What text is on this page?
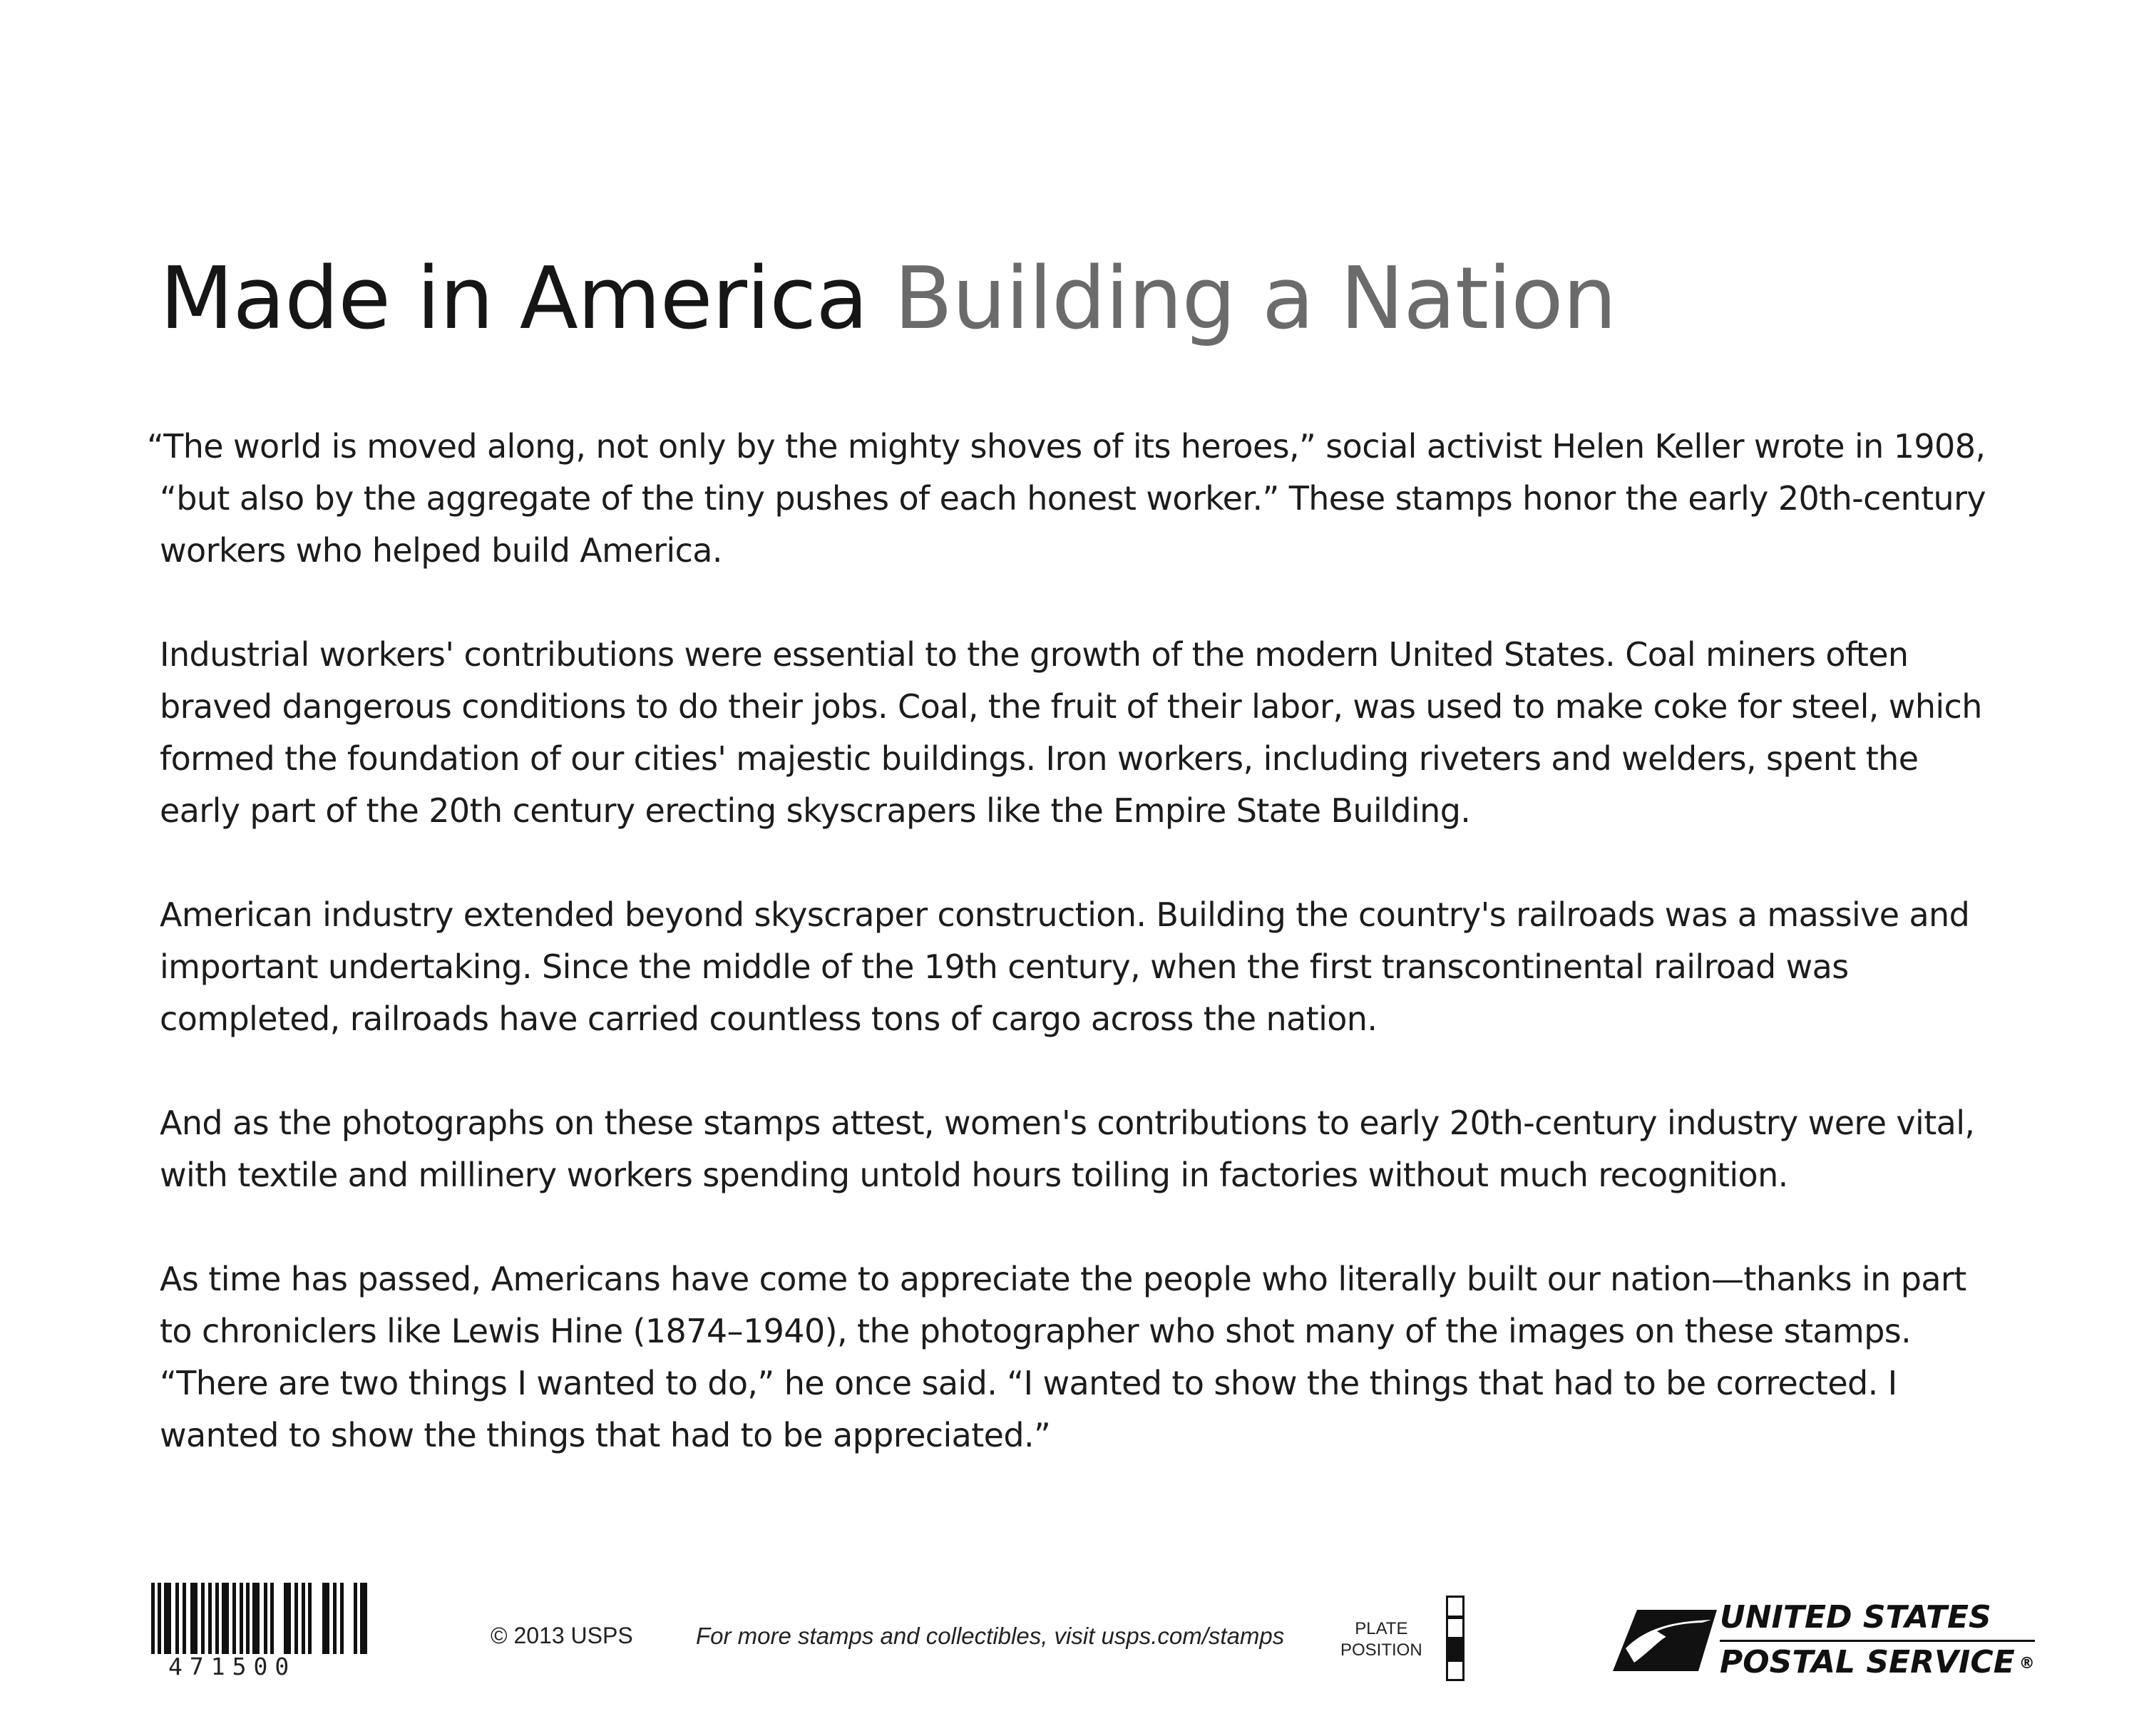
Made in America Building a Nation

“The world is moved along, not only by the mighty shoves of its heroes,” social activist Helen Keller wrote in 1908, “but also by the aggregate of the tiny pushes of each honest worker.” These stamps honor the early 20th-century workers who helped build America.

Industrial workers' contributions were essential to the growth of the modern United States. Coal miners often braved dangerous conditions to do their jobs. Coal, the fruit of their labor, was used to make coke for steel, which formed the foundation of our cities' majestic buildings. Iron workers, including riveters and welders, spent the early part of the 20th century erecting skyscrapers like the Empire State Building.

American industry extended beyond skyscraper construction. Building the country's railroads was a massive and important undertaking. Since the middle of the 19th century, when the first transcontinental railroad was completed, railroads have carried countless tons of cargo across the nation.

And as the photographs on these stamps attest, women's contributions to early 20th-century industry were vital, with textile and millinery workers spending untold hours toiling in factories without much recognition.

As time has passed, Americans have come to appreciate the people who literally built our nation—thanks in part to chroniclers like Lewis Hine (1874–1940), the photographer who shot many of the images on these stamps. “There are two things I wanted to do,” he once said. “I wanted to show the things that had to be corrected. I wanted to show the things that had to be appreciated.”

471500
© 2013 USPS	For more stamps and collectibles, visit usps.com/stamps	PLATE
POSITION
UNITED STATES
POSTAL SERVICE ®
